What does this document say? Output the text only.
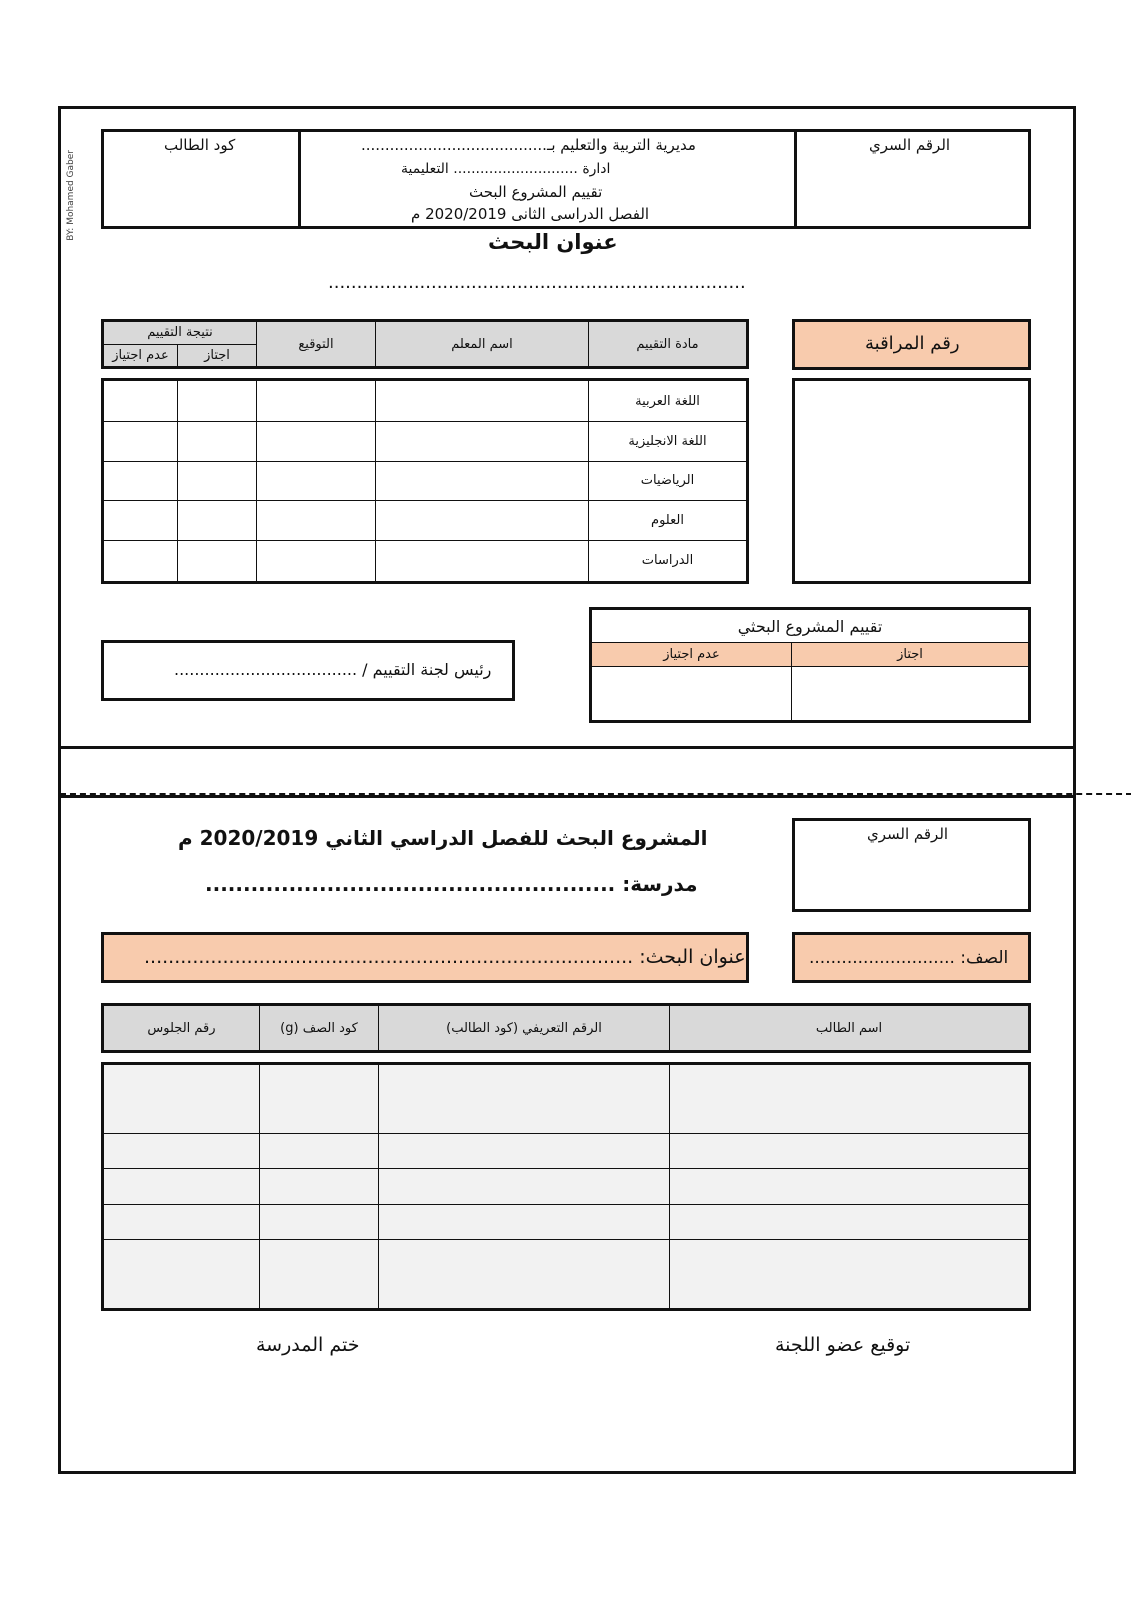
BY: Mohamed Gaber
كود الطالب	مديرية التربية والتعليم بـ.......................................
ادارة ............................ التعليمية
تقييم المشروع البحث
الفصل الدراسى الثانى 2020/2019 م
الرقم السري
عنوان البحث
.........................................................................
مادة التقييم	اسم المعلم	التوقيع	نتيجة التقييم	
			اجتاز	عدم اجتياز
رقم المراقبة
اللغة العربية				
اللغة الانجليزية				
الرياضيات				
العلوم				
الدراسات				
تقييم المشروع البحثي	
اجتاز	عدم اجتياز

رئيس لجنة التقييم / ....................................
المشروع البحث للفصل الدراسي الثاني 2020/2019 م
مدرسة: ......................................................
الرقم السري
عنوان البحث: .................................................................................	الصف: ...........................
اسم الطالب	الرقم التعريفي (كود الطالب)	كود الصف (g)	رقم الجلوس

توقيع عضو اللجنة
ختم المدرسة
